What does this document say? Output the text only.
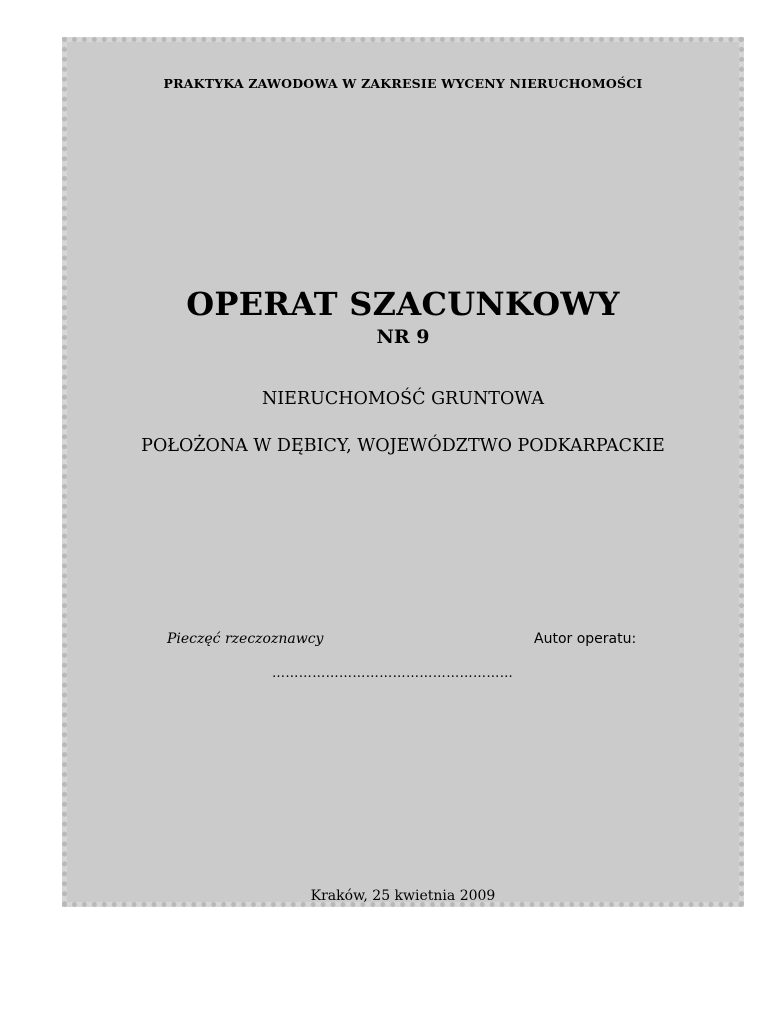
PRAKTYKA ZAWODOWA W ZAKRESIE WYCENY NIERUCHOMOŚCI
OPERAT SZACUNKOWY
NR 9
NIERUCHOMOŚĆ GRUNTOWA
POŁOŻONA W DĘBICY, WOJEWÓDZTWO PODKARPACKIE
Pieczęć rzeczoznawcy	Autor operatu:
………………………………………………
Kraków, 25 kwietnia 2009
